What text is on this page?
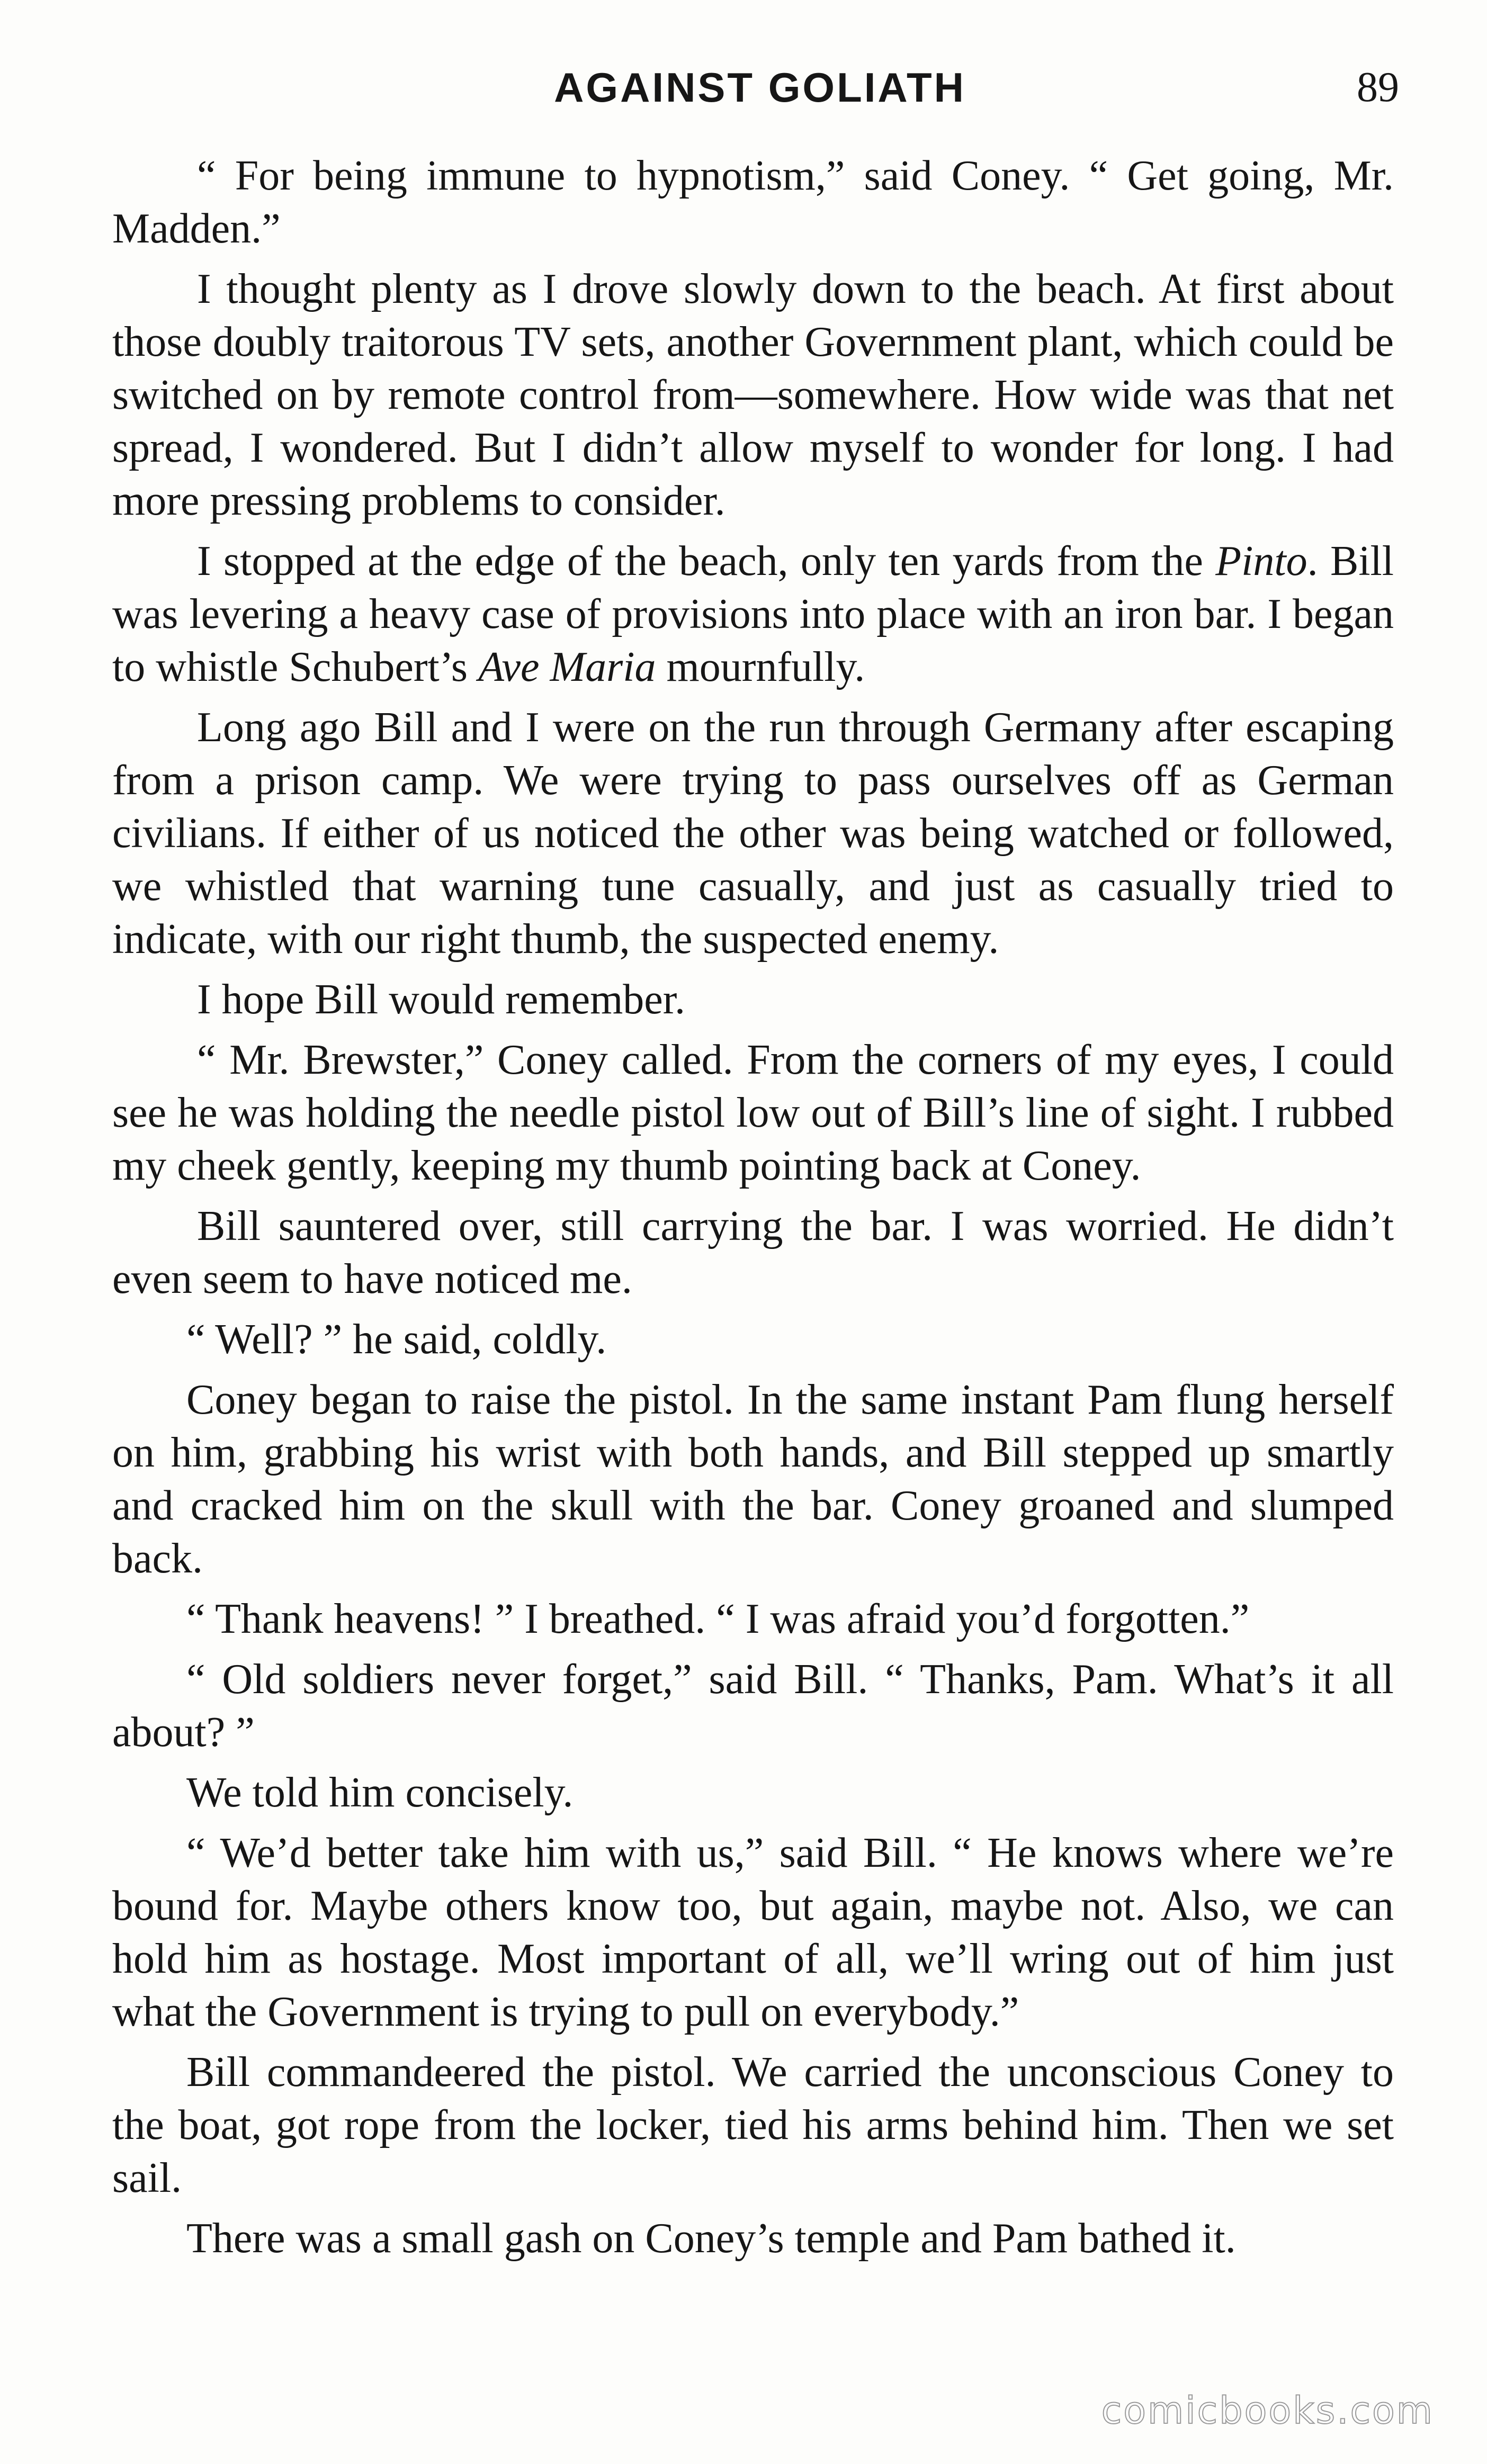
AGAINST GOLIATH	89

“ For being immune to hypnotism,” said Coney. “ Get going, Mr. Madden.”

I thought plenty as I drove slowly down to the beach. At first about those doubly traitorous TV sets, another Government plant, which could be switched on by remote control from—somewhere. How wide was that net spread, I wondered. But I didn’t allow myself to wonder for long. I had more pressing problems to consider.

I stopped at the edge of the beach, only ten yards from the Pinto. Bill was levering a heavy case of provisions into place with an iron bar. I began to whistle Schubert’s Ave Maria mournfully.

Long ago Bill and I were on the run through Germany after escaping from a prison camp. We were trying to pass ourselves off as German civilians. If either of us noticed the other was being watched or followed, we whistled that warning tune casually, and just as casually tried to indicate, with our right thumb, the suspected enemy.

I hope Bill would remember.

“ Mr. Brewster,” Coney called. From the corners of my eyes, I could see he was holding the needle pistol low out of Bill’s line of sight. I rubbed my cheek gently, keeping my thumb pointing back at Coney.

Bill sauntered over, still carrying the bar. I was worried. He didn’t even seem to have noticed me.

“ Well? ” he said, coldly.

Coney began to raise the pistol. In the same instant Pam flung herself on him, grabbing his wrist with both hands, and Bill stepped up smartly and cracked him on the skull with the bar. Coney groaned and slumped back.

“ Thank heavens! ” I breathed. “ I was afraid you’d forgotten.”

“ Old soldiers never forget,” said Bill. “ Thanks, Pam. What’s it all about? ”

We told him concisely.

“ We’d better take him with us,” said Bill. “ He knows where we’re bound for. Maybe others know too, but again, maybe not. Also, we can hold him as hostage. Most important of all, we’ll wring out of him just what the Government is trying to pull on everybody.”

Bill commandeered the pistol. We carried the unconscious Coney to the boat, got rope from the locker, tied his arms behind him. Then we set sail.

There was a small gash on Coney’s temple and Pam bathed it.

comicbooks.com
